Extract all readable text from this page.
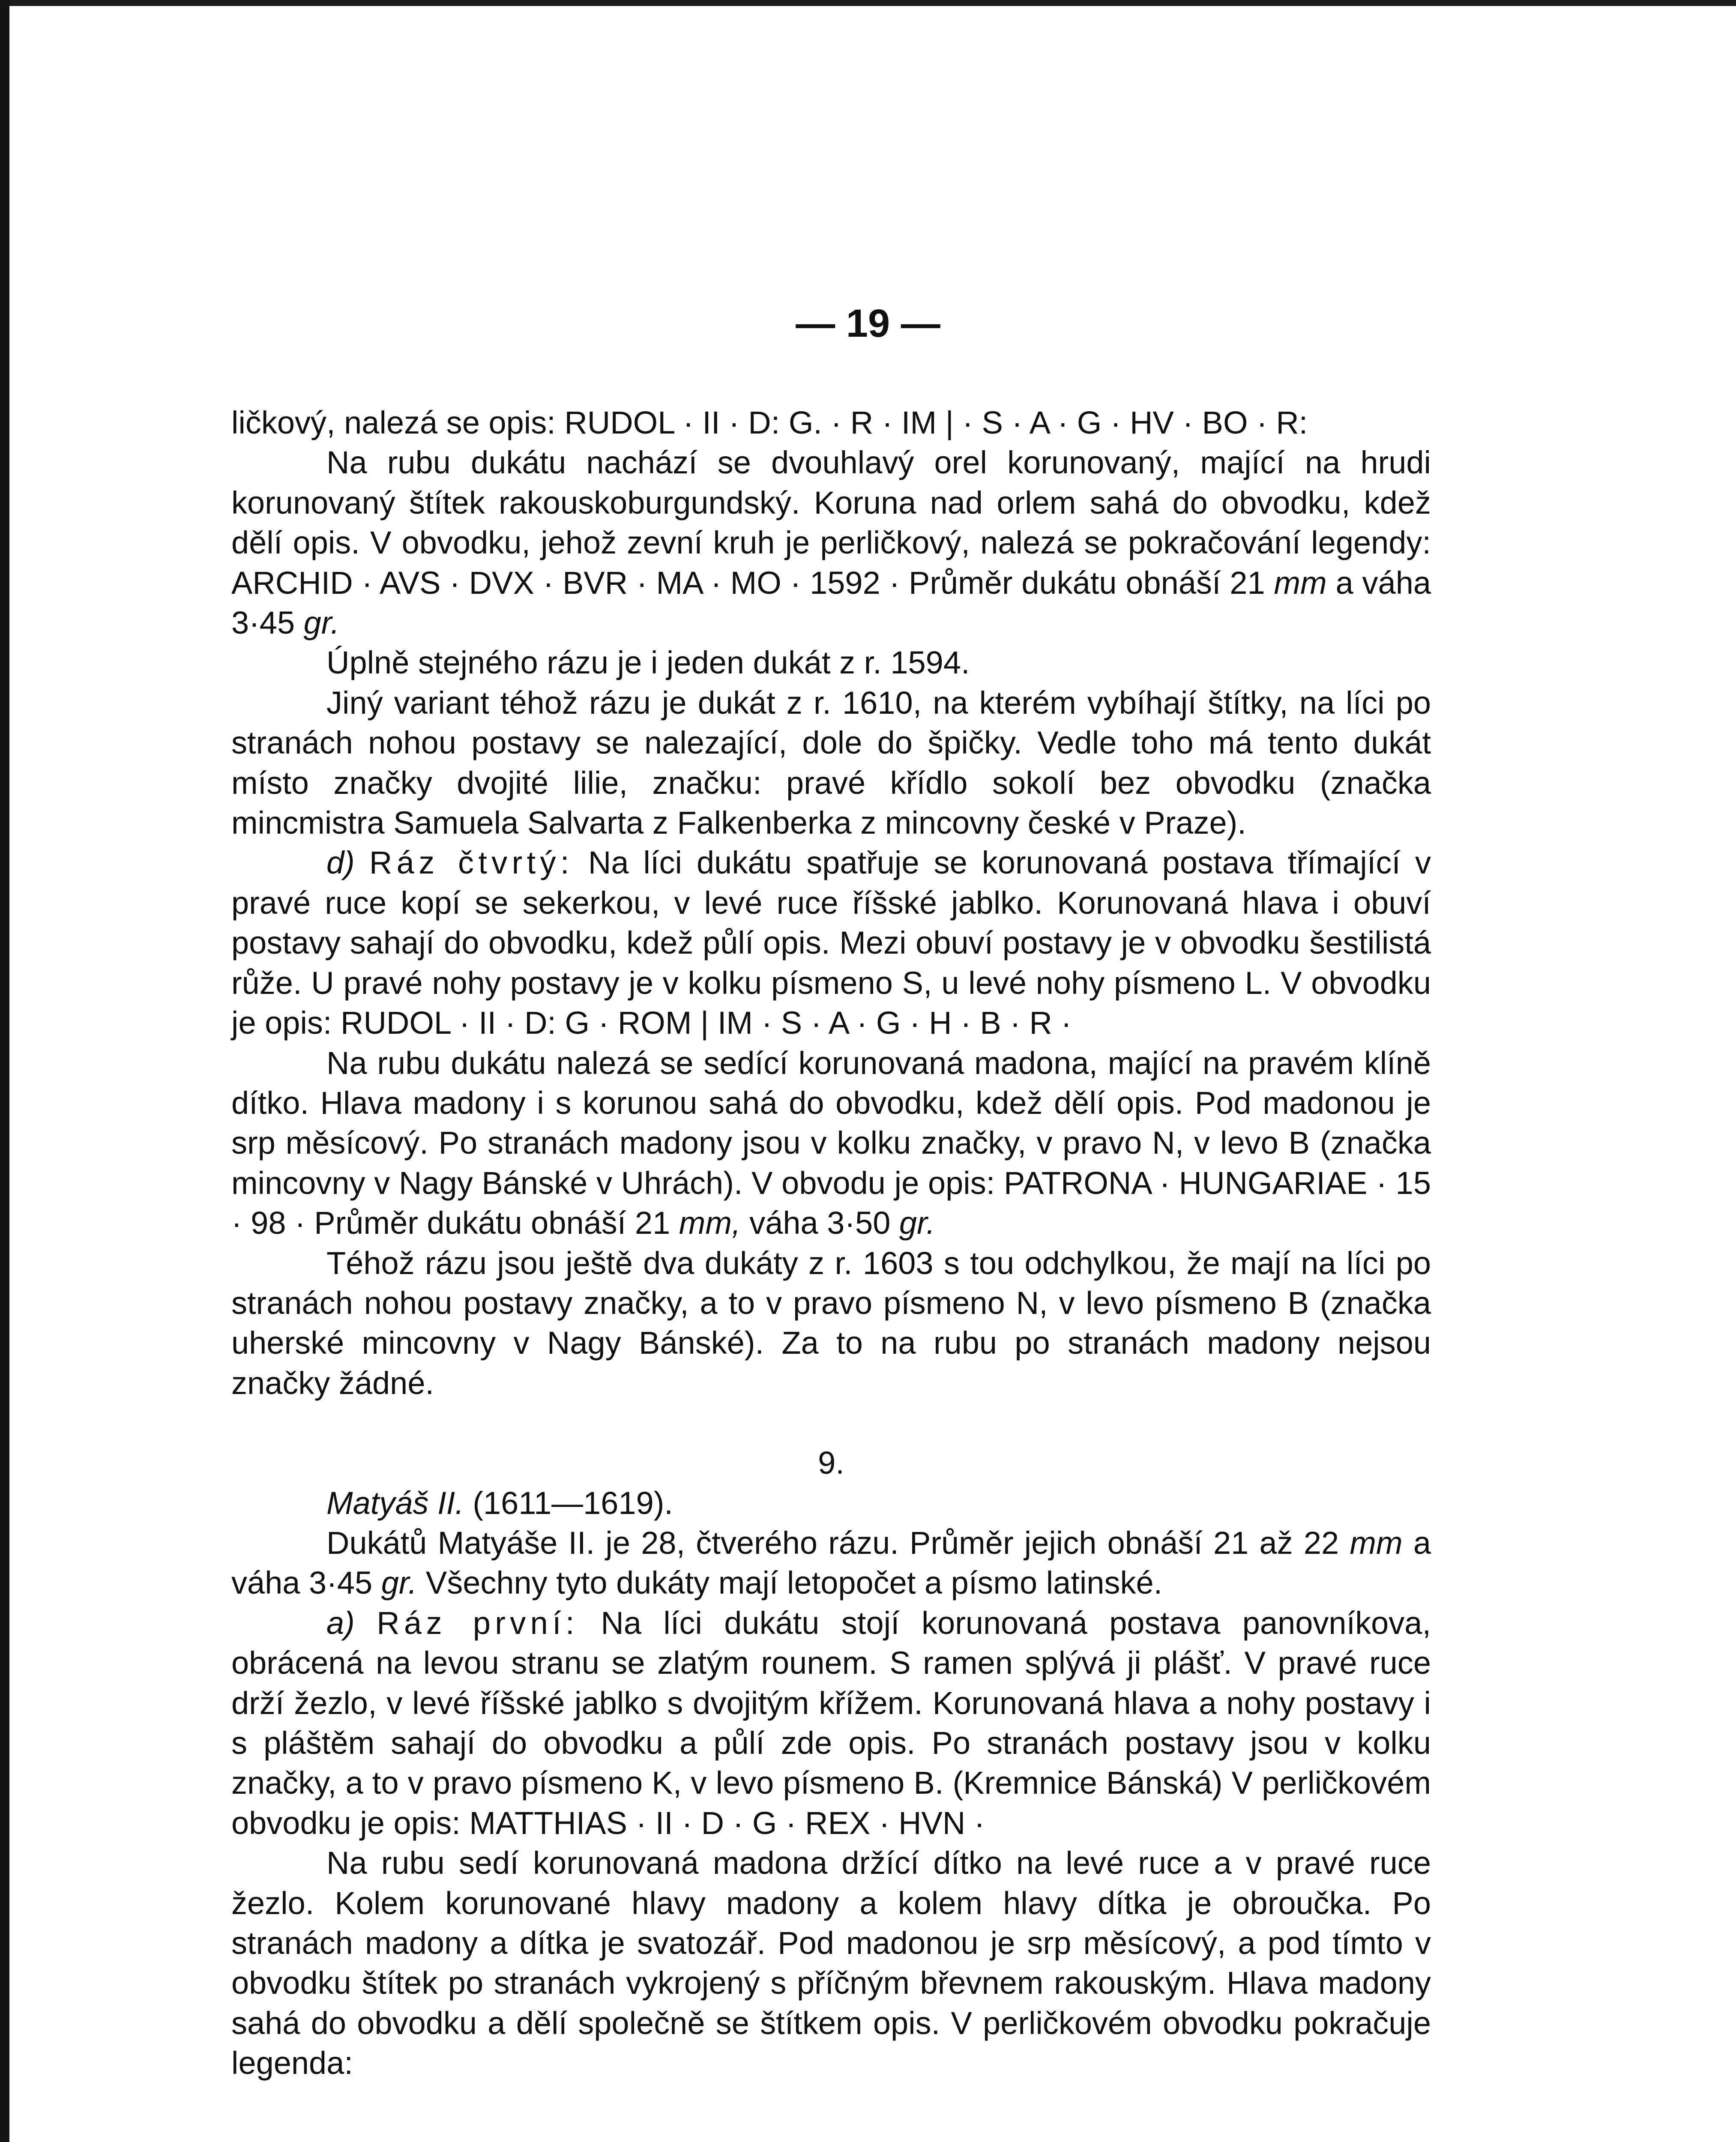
— 19 —

ličkový, nalezá se opis: RUDOL · II · D: G. · R · IM | · S · A · G · HV · BO · R:

Na rubu dukátu nachází se dvouhlavý orel korunovaný, mající na hrudi korunovaný štítek rakouskoburgundský. Koruna nad orlem sahá do obvodku, kdež dělí opis. V obvodku, jehož zevní kruh je perličkový, nalezá se pokračování legendy: ARCHID · AVS · DVX · BVR · MA · MO · 1592 · Průměr dukátu obnáší 21 mm a váha 3·45 gr.

Úplně stejného rázu je i jeden dukát z r. 1594.

Jiný variant téhož rázu je dukát z r. 1610, na kterém vybíhají štítky, na líci po stranách nohou postavy se nalezající, dole do špičky. Vedle toho má tento dukát místo značky dvojité lilie, značku: pravé křídlo sokolí bez obvodku (značka mincmistra Samuela Salvarta z Falkenberka z mincovny české v Praze).

d) Ráz čtvrtý: Na líci dukátu spatřuje se korunovaná postava třímající v pravé ruce kopí se sekerkou, v levé ruce říšské jablko. Korunovaná hlava i obuví postavy sahají do obvodku, kdež půlí opis. Mezi obuví postavy je v obvodku šestilistá růže. U pravé nohy postavy je v kolku písmeno S, u levé nohy písmeno L. V obvodku je opis: RUDOL · II · D: G · ROM | IM · S · A · G · H · B · R ·

Na rubu dukátu nalezá se sedící korunovaná madona, mající na pravém klíně dítko. Hlava madony i s korunou sahá do obvodku, kdež dělí opis. Pod madonou je srp měsícový. Po stranách madony jsou v kolku značky, v pravo N, v levo B (značka mincovny v Nagy Bánské v Uhrách). V obvodu je opis: PATRONA · HUNGARIAE · 15 · 98 · Průměr dukátu obnáší 21 mm, váha 3·50 gr.

Téhož rázu jsou ještě dva dukáty z r. 1603 s tou odchylkou, že mají na líci po stranách nohou postavy značky, a to v pravo písmeno N, v levo písmeno B (značka uherské mincovny v Nagy Bánské). Za to na rubu po stranách madony nejsou značky žádné.

9.

Matyáš II. (1611—1619).

Dukátů Matyáše II. je 28, čtverého rázu. Průměr jejich obnáší 21 až 22 mm a váha 3·45 gr. Všechny tyto dukáty mají letopočet a písmo latinské.

a) Ráz první: Na líci dukátu stojí korunovaná postava panovníkova, obrácená na levou stranu se zlatým rounem. S ramen splývá ji plášť. V pravé ruce drží žezlo, v levé říšské jablko s dvojitým křížem. Korunovaná hlava a nohy postavy i s pláštěm sahají do obvodku a půlí zde opis. Po stranách postavy jsou v kolku značky, a to v pravo písmeno K, v levo písmeno B. (Kremnice Bánská) V perličkovém obvodku je opis: MATTHIAS · II · D · G · REX · HVN ·

Na rubu sedí korunovaná madona držící dítko na levé ruce a v pravé ruce žezlo. Kolem korunované hlavy madony a kolem hlavy dítka je obroučka. Po stranách madony a dítka je svatozář. Pod madonou je srp měsícový, a pod tímto v obvodku štítek po stranách vykrojený s příčným břevnem rakouským. Hlava madony sahá do obvodku a dělí společně se štítkem opis. V perličkovém obvodku pokračuje legenda:
